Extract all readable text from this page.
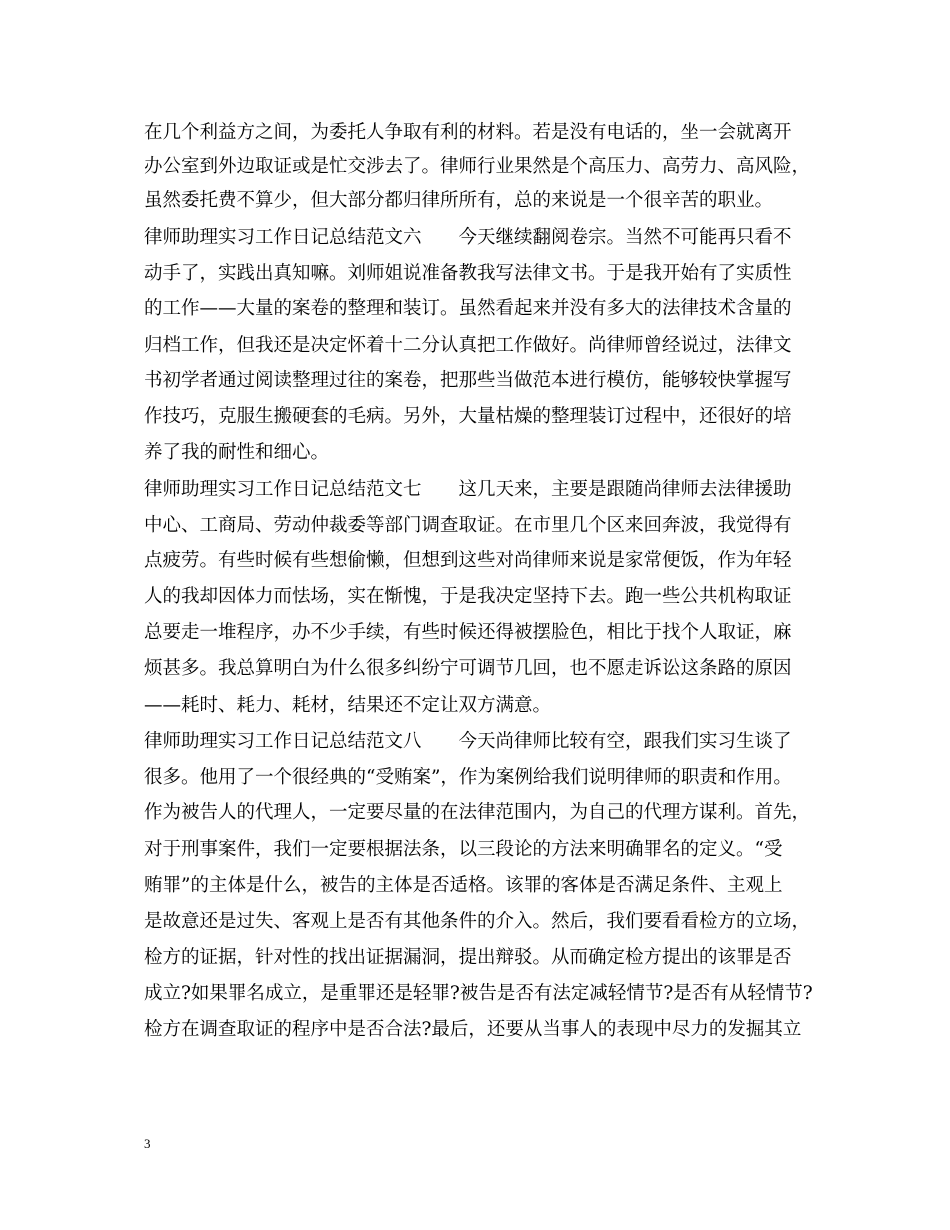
在几个利益方之间，为委托人争取有利的材料。若是没有电话的，坐一会就离开
办公室到外边取证或是忙交涉去了。律师行业果然是个高压力、高劳力、高风险，
虽然委托费不算少，但大部分都归律所所有，总的来说是一个很辛苦的职业。
律师助理实习工作日记总结范文六　　今天继续翻阅卷宗。当然不可能再只看不
动手了，实践出真知嘛。刘师姐说准备教我写法律文书。于是我开始有了实质性
的工作——大量的案卷的整理和装订。虽然看起来并没有多大的法律技术含量的
归档工作，但我还是决定怀着十二分认真把工作做好。尚律师曾经说过，法律文
书初学者通过阅读整理过往的案卷，把那些当做范本进行模仿，能够较快掌握写
作技巧，克服生搬硬套的毛病。另外，大量枯燥的整理装订过程中，还很好的培
养了我的耐性和细心。
律师助理实习工作日记总结范文七　　这几天来，主要是跟随尚律师去法律援助
中心、工商局、劳动仲裁委等部门调查取证。在市里几个区来回奔波，我觉得有
点疲劳。有些时候有些想偷懒，但想到这些对尚律师来说是家常便饭，作为年轻
人的我却因体力而怯场，实在惭愧，于是我决定坚持下去。跑一些公共机构取证
总要走一堆程序，办不少手续，有些时候还得被摆脸色，相比于找个人取证，麻
烦甚多。我总算明白为什么很多纠纷宁可调节几回，也不愿走诉讼这条路的原因
——耗时、耗力、耗材，结果还不定让双方满意。
律师助理实习工作日记总结范文八　　今天尚律师比较有空，跟我们实习生谈了
很多。他用了一个很经典的“受贿案”，作为案例给我们说明律师的职责和作用。
作为被告人的代理人，一定要尽量的在法律范围内，为自己的代理方谋利。首先，
对于刑事案件，我们一定要根据法条，以三段论的方法来明确罪名的定义。“受
贿罪”的主体是什么，被告的主体是否适格。该罪的客体是否满足条件、主观上
是故意还是过失、客观上是否有其他条件的介入。然后，我们要看看检方的立场，
检方的证据，针对性的找出证据漏洞，提出辩驳。从而确定检方提出的该罪是否
成立?如果罪名成立，是重罪还是轻罪?被告是否有法定减轻情节?是否有从轻情节?
检方在调查取证的程序中是否合法?最后，还要从当事人的表现中尽力的发掘其立
3
